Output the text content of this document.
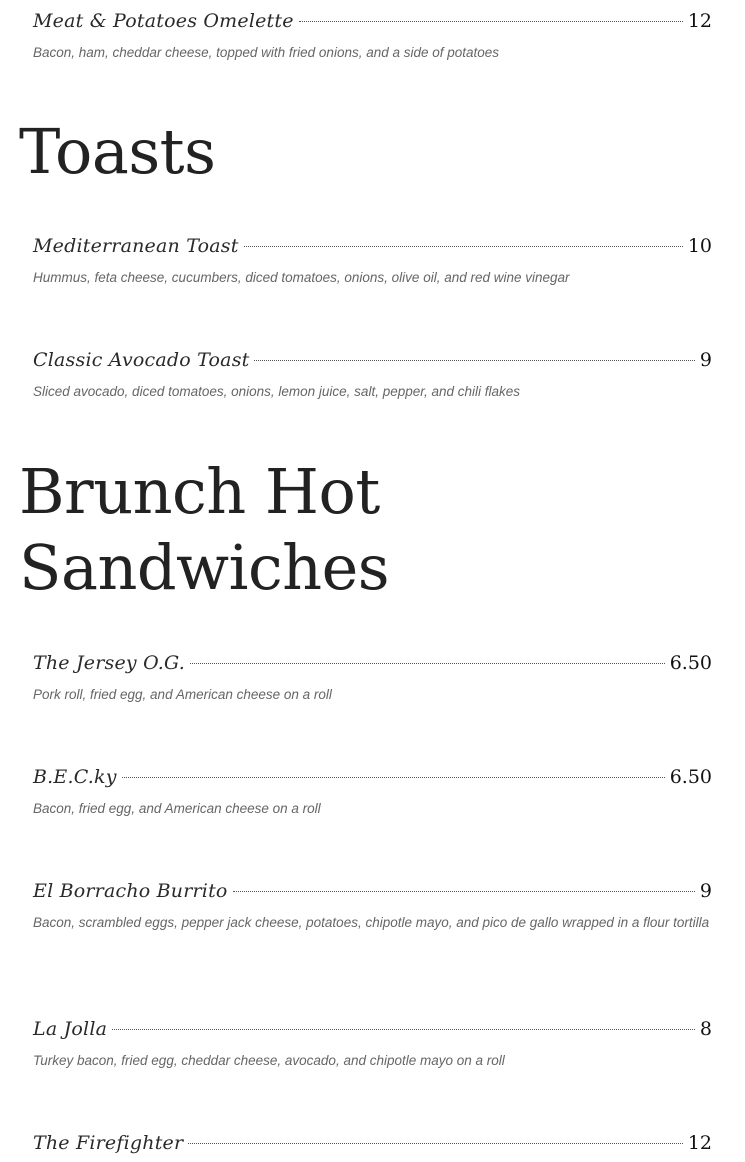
Meat & Potatoes Omelette	12
Bacon, ham, cheddar cheese, topped with fried onions, and a side of potatoes
Toasts
Mediterranean Toast	10
Hummus, feta cheese, cucumbers, diced tomatoes, onions, olive oil, and red wine vinegar
Classic Avocado Toast	9
Sliced avocado, diced tomatoes, onions, lemon juice, salt, pepper, and chili flakes
Brunch Hot
Sandwiches
The Jersey O.G.	6.50
Pork roll, fried egg, and American cheese on a roll
B.E.C.ky	6.50
Bacon, fried egg, and American cheese on a roll
El Borracho Burrito	9
Bacon, scrambled eggs, pepper jack cheese, potatoes, chipotle mayo, and pico de gallo wrapped in a flour tortilla
La Jolla	8
Turkey bacon, fried egg, cheddar cheese, avocado, and chipotle mayo on a roll
The Firefighter	12
